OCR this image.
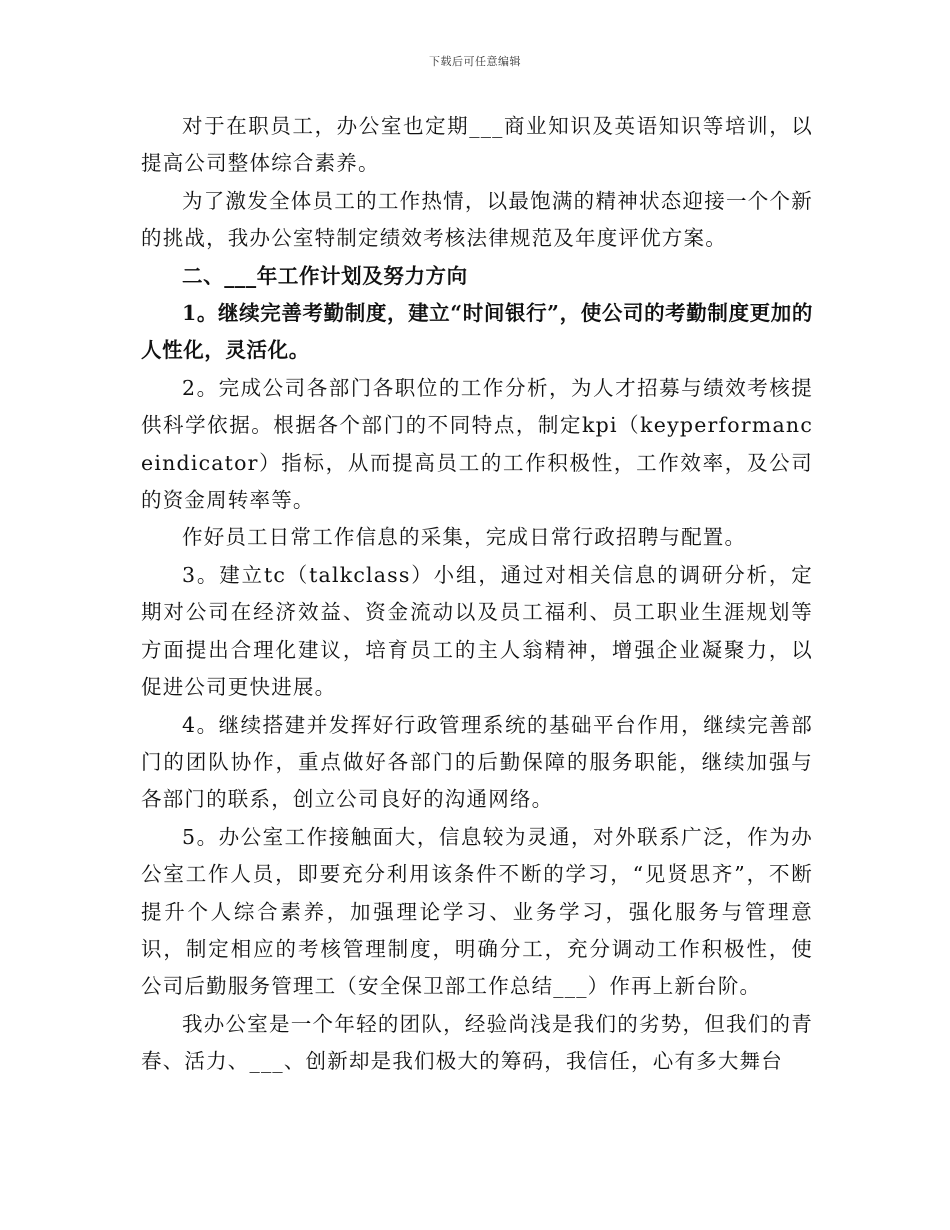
下载后可任意编辑

对于在职员工，办公室也定期___商业知识及英语知识等培训，以提高公司整体综合素养。

为了激发全体员工的工作热情，以最饱满的精神状态迎接一个个新的挑战，我办公室特制定绩效考核法律规范及年度评优方案。

二、___年工作计划及努力方向

1。继续完善考勤制度，建立“时间银行”，使公司的考勤制度更加的人性化，灵活化。

2。完成公司各部门各职位的工作分析，为人才招募与绩效考核提供科学依据。根据各个部门的不同特点，制定kpi（keyperformanceindicator）指标，从而提高员工的工作积极性，工作效率，及公司的资金周转率等。

作好员工日常工作信息的采集，完成日常行政招聘与配置。

3。建立tc（talkclass）小组，通过对相关信息的调研分析，定期对公司在经济效益、资金流动以及员工福利、员工职业生涯规划等方面提出合理化建议，培育员工的主人翁精神，增强企业凝聚力，以促进公司更快进展。

4。继续搭建并发挥好行政管理系统的基础平台作用，继续完善部门的团队协作，重点做好各部门的后勤保障的服务职能，继续加强与各部门的联系，创立公司良好的沟通网络。

5。办公室工作接触面大，信息较为灵通，对外联系广泛，作为办公室工作人员，即要充分利用该条件不断的学习，“见贤思齐”，不断提升个人综合素养，加强理论学习、业务学习，强化服务与管理意识，制定相应的考核管理制度，明确分工，充分调动工作积极性，使公司后勤服务管理工（安全保卫部工作总结___）作再上新台阶。

我办公室是一个年轻的团队，经验尚浅是我们的劣势，但我们的青春、活力、___、创新却是我们极大的筹码，我信任，心有多大舞台
